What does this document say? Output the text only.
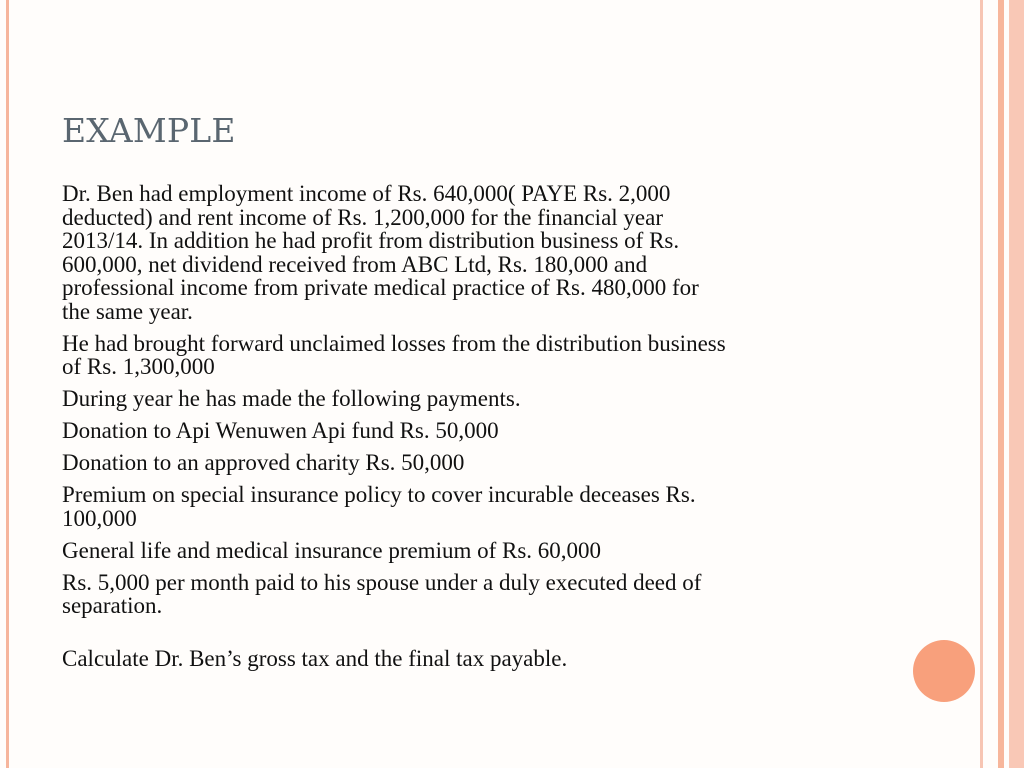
EXAMPLE

Dr. Ben had employment income of Rs. 640,000( PAYE Rs. 2,000
deducted) and rent income of Rs. 1,200,000 for the financial year
2013/14. In addition he had profit from distribution business of Rs.
600,000, net dividend received from ABC Ltd, Rs. 180,000 and
professional income from private medical practice of Rs. 480,000 for
the same year.

He had brought forward unclaimed losses from the distribution business
of Rs. 1,300,000

During year he has made the following payments.

Donation to Api Wenuwen Api fund Rs. 50,000

Donation to an approved charity Rs. 50,000

Premium on special insurance policy to cover incurable deceases Rs.
100,000

General life and medical insurance premium of Rs. 60,000

Rs. 5,000 per month paid to his spouse under a duly executed deed of
separation.

Calculate Dr. Ben’s gross tax and the final tax payable.
